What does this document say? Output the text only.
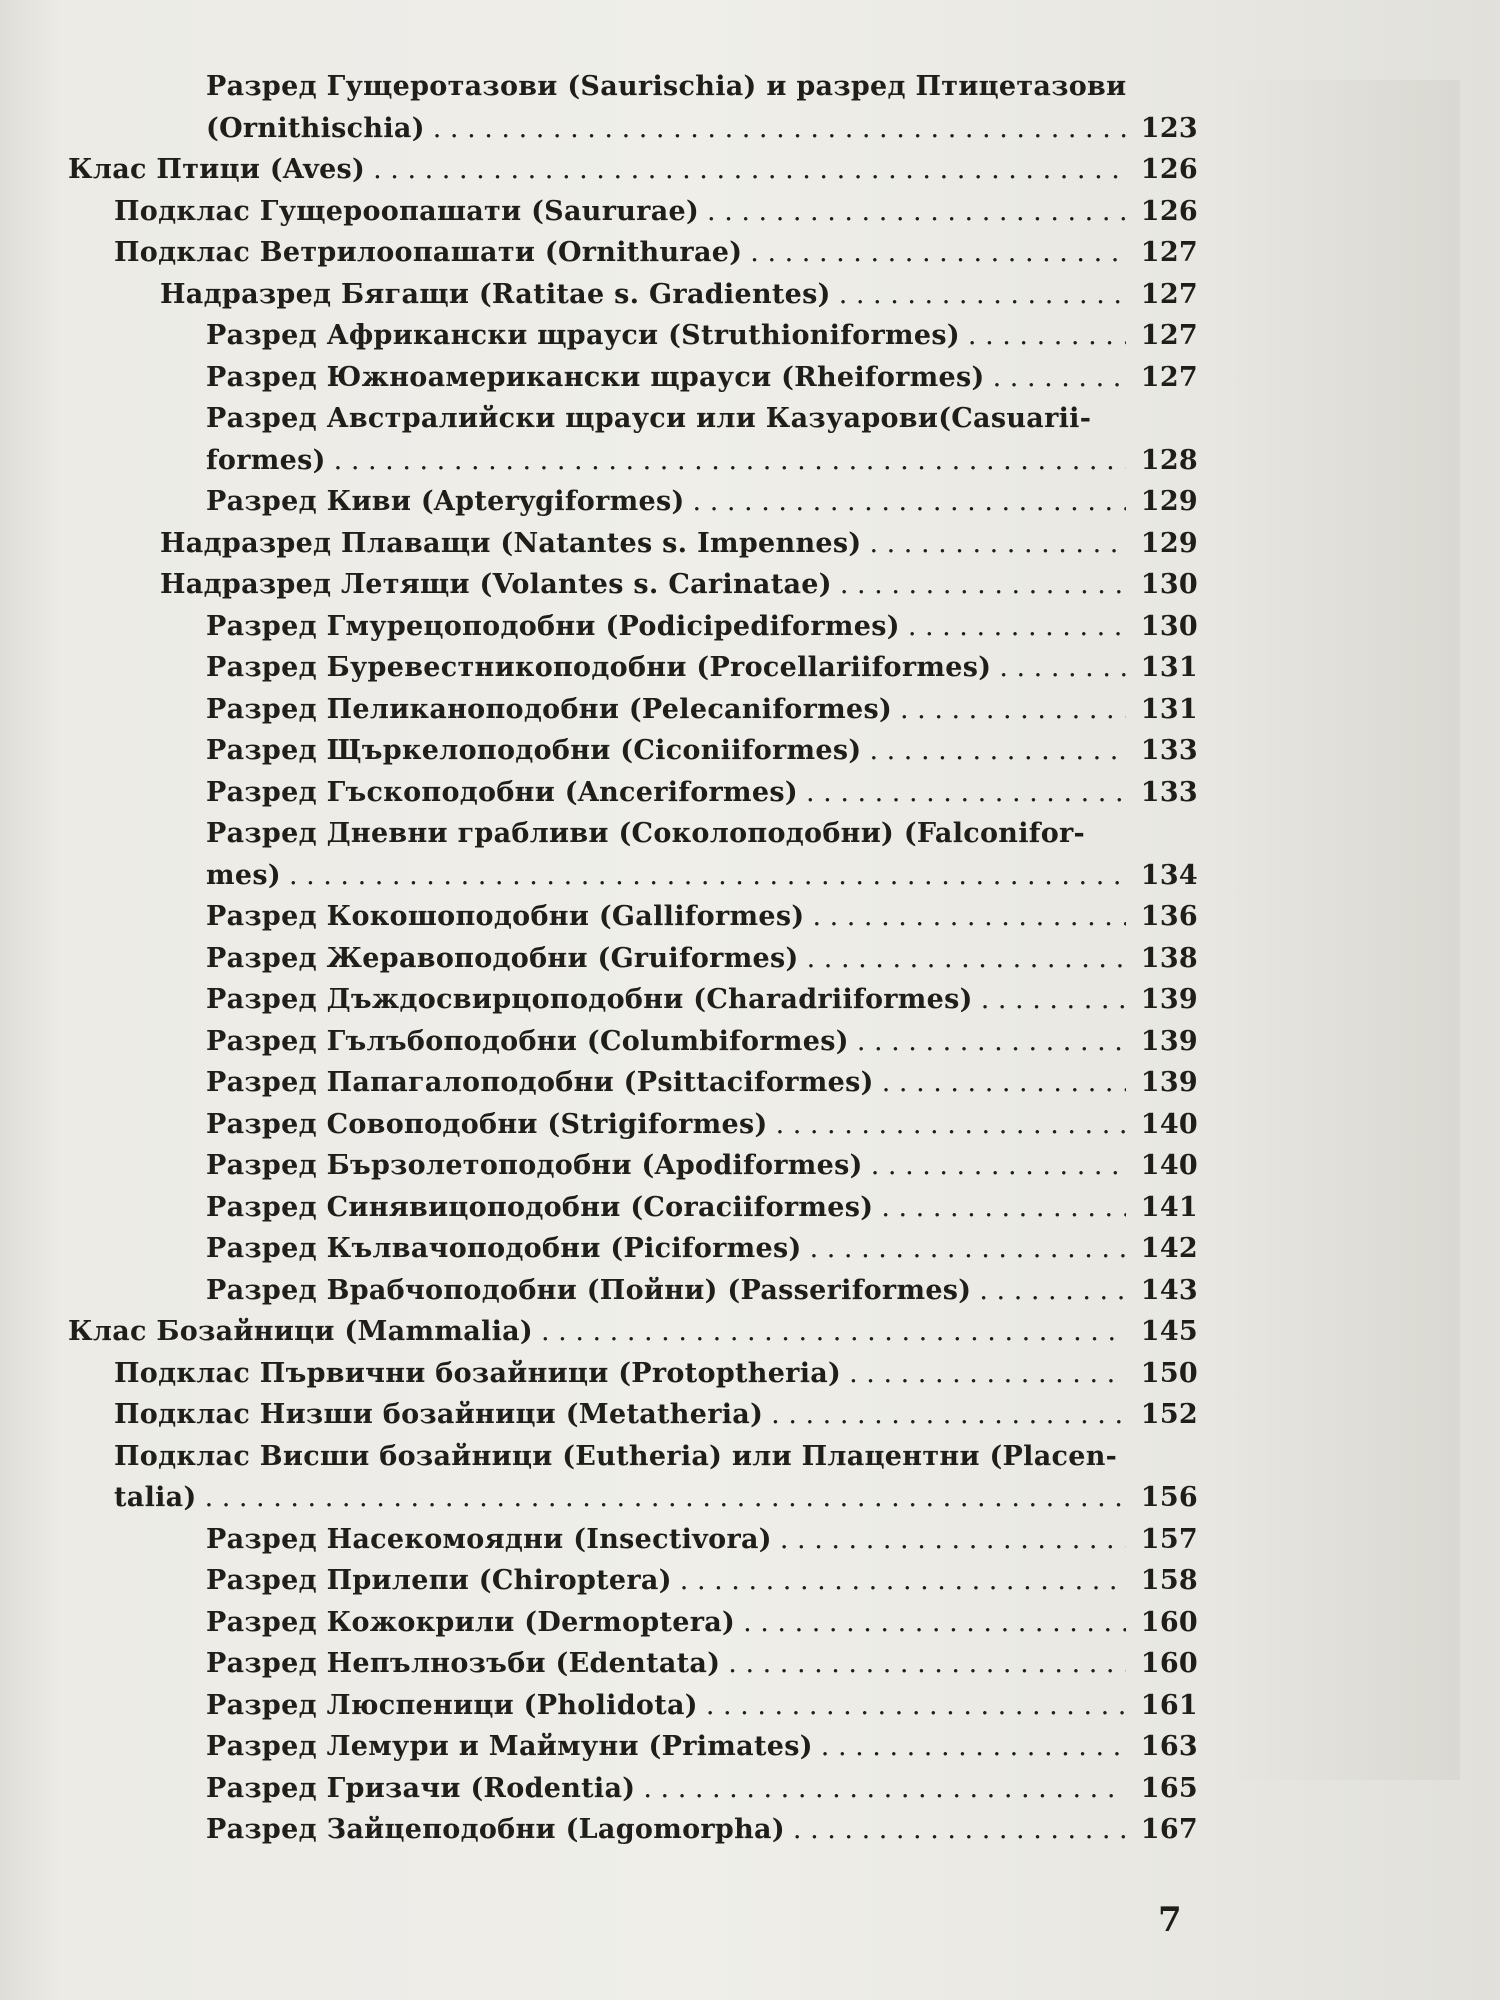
Разред Гущеротазови (Saurischia) и разред Птицетазови
(Ornithischia) . . .	123
Клас Птици (Aves) . . .	126
Подклас Гущероопашати (Saururae) . . .	126
Подклас Ветрилоопашати (Ornithurae) . . .	127
Надразред Бягащи (Ratitae s. Gradientes) . . .	127
Разред Африкански щрауси (Struthioniformes) . . .	127
Разред Южноамерикански щрауси (Rheiformes) . . .	127
Разред Австралийски щрауси или Казуарови(Casuarii-
formes) . . .	128
Разред Киви (Apterygiformes) . . .	129
Надразред Плаващи (Natantes s. Impennes) . . .	129
Надразред Летящи (Volantes s. Carinatae) . . .	130
Разред Гмурецоподобни (Podicipediformes) . . .	130
Разред Буревестникоподобни (Procellariiformes) . . .	131
Разред Пеликаноподобни (Pelecaniformes) . . .	131
Разред Щъркелоподобни (Ciconiiformes) . . .	133
Разред Гъскоподобни (Anceriformes) . . .	133
Разред Дневни грабливи (Соколоподобни) (Falconifor-
mes) . . .	134
Разред Кокошоподобни (Galliformes) . . .	136
Разред Жеравоподобни (Gruiformes) . . .	138
Разред Дъждосвирцоподобни (Charadriiformes) . . .	139
Разред Гълъбоподобни (Columbiformes) . . .	139
Разред Папагалоподобни (Psittaciformes) . . .	139
Разред Совоподобни (Strigiformes) . . .	140
Разред Бързолетоподобни (Apodiformes) . . .	140
Разред Синявицоподобни (Coraciiformes) . . .	141
Разред Кълвачоподобни (Piciformes) . . .	142
Разред Врабчоподобни (Пойни) (Passeriformes) . . .	143
Клас Бозайници (Mammalia) . . .	145
Подклас Първични бозайници (Protoptheria) . . .	150
Подклас Низши бозайници (Metatheria) . . .	152
Подклас Висши бозайници (Eutheria) или Плацентни (Placen-
talia) . . .	156
Разред Насекомоядни (Insectivora) . . .	157
Разред Прилепи (Chiroptera) . . .	158
Разред Кожокрили (Dermoptera) . . .	160
Разред Непълнозъби (Edentata) . . .	160
Разред Люспеници (Pholidota) . . .	161
Разред Лемури и Маймуни (Primates) . . .	163
Разред Гризачи (Rodentia) . . .	165
Разред Зайцеподобни (Lagomorpha) . . .	167
7
